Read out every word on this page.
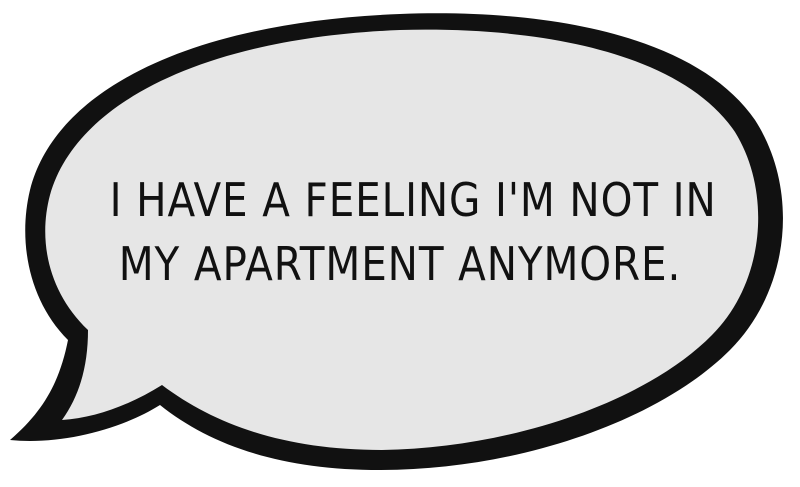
I HAVE A FEELING I'M NOT IN
MY APARTMENT ANYMORE.
